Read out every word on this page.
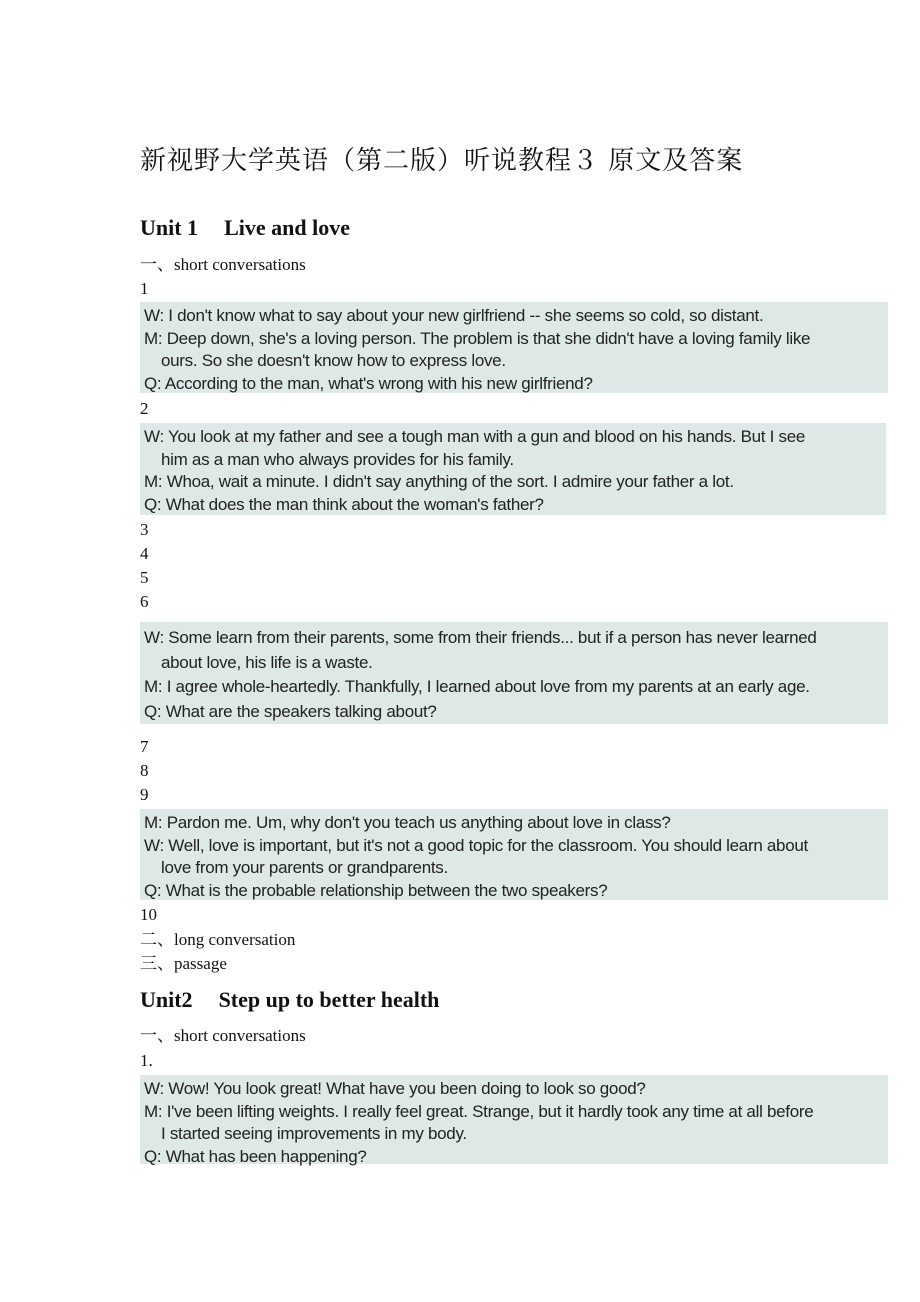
新视野大学英语（第二版）听说教程３ 原文及答案
Unit 1 Live and love
一、short conversations
1
W: I don't know what to say about your new girlfriend -- she seems so cold, so distant.
M: Deep down, she's a loving person. The problem is that she didn't have a loving family like
ours. So she doesn't know how to express love.
Q: According to the man, what's wrong with his new girlfriend?
2
W: You look at my father and see a tough man with a gun and blood on his hands. But I see
him as a man who always provides for his family.
M: Whoa, wait a minute. I didn't say anything of the sort. I admire your father a lot.
Q: What does the man think about the woman's father?
3
4
5
6
W: Some learn from their parents, some from their friends... but if a person has never learned
about love, his life is a waste.
M: I agree whole-heartedly. Thankfully, I learned about love from my parents at an early age.
Q: What are the speakers talking about?
7
8
9
M: Pardon me. Um, why don't you teach us anything about love in class?
W: Well, love is important, but it's not a good topic for the classroom. You should learn about
love from your parents or grandparents.
Q: What is the probable relationship between the two speakers?
10
二、long conversation
三、passage
Unit2 Step up to better health
一、short conversations
1.
W: Wow! You look great! What have you been doing to look so good?
M: I've been lifting weights. I really feel great. Strange, but it hardly took any time at all before
I started seeing improvements in my body.
Q: What has been happening?
